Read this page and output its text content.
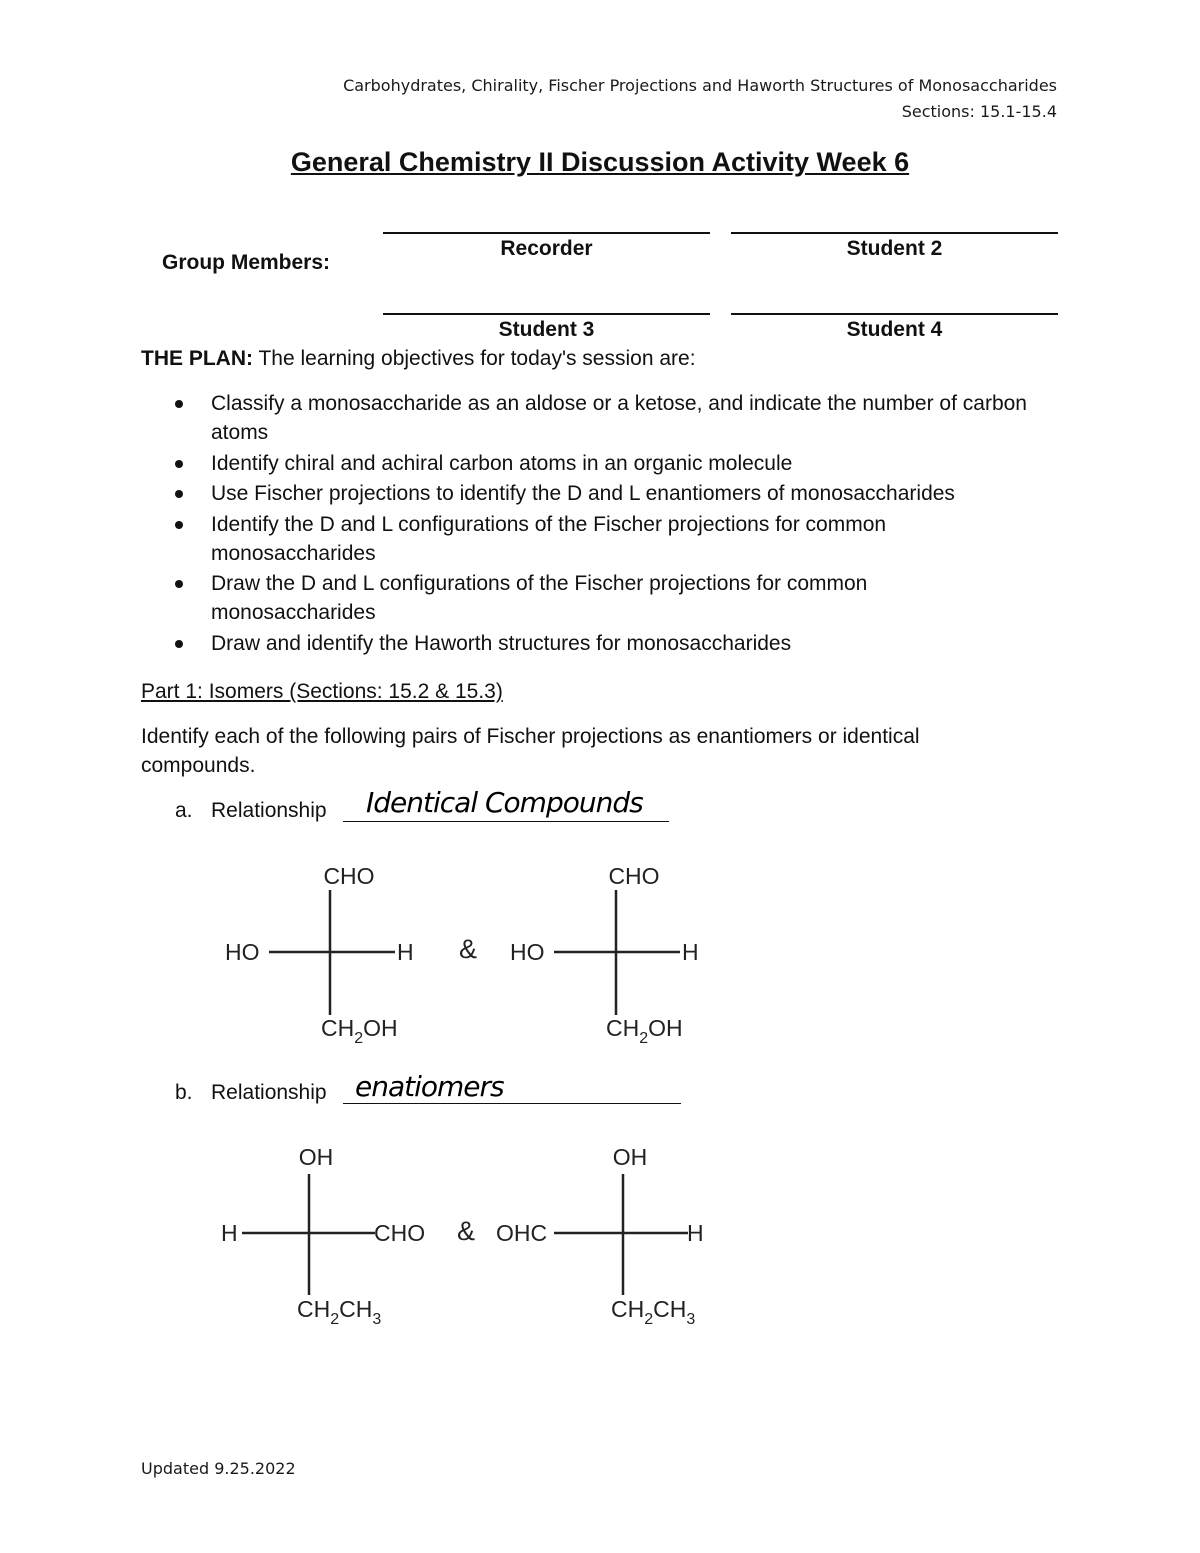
Carbohydrates, Chirality, Fischer Projections and Haworth Structures of Monosaccharides
Sections: 15.1-15.4
General Chemistry II Discussion Activity Week 6
Group Members:
Recorder	Student 2
Student 3	Student 4
THE PLAN: The learning objectives for today's session are:
Classify a monosaccharide as an aldose or a ketose, and indicate the number of carbon atoms
Identify chiral and achiral carbon atoms in an organic molecule
Use Fischer projections to identify the D and L enantiomers of monosaccharides
Identify the D and L configurations of the Fischer projections for common monosaccharides
Draw the D and L configurations of the Fischer projections for common monosaccharides
Draw and identify the Haworth structures for monosaccharides
Part 1: Isomers (Sections: 15.2 & 15.3)
Identify each of the following pairs of Fischer projections as enantiomers or identical compounds.
a. Relationship Identical Compounds
CHO
HO	H
$CH_2OH$
&
CHO
HO	H
$CH_2OH$
b. Relationship enatiomers
OH
H	CHO
$CH_2CH_3$
&
OH
OHC	H
$CH_2CH_3$
Updated 9.25.2022
